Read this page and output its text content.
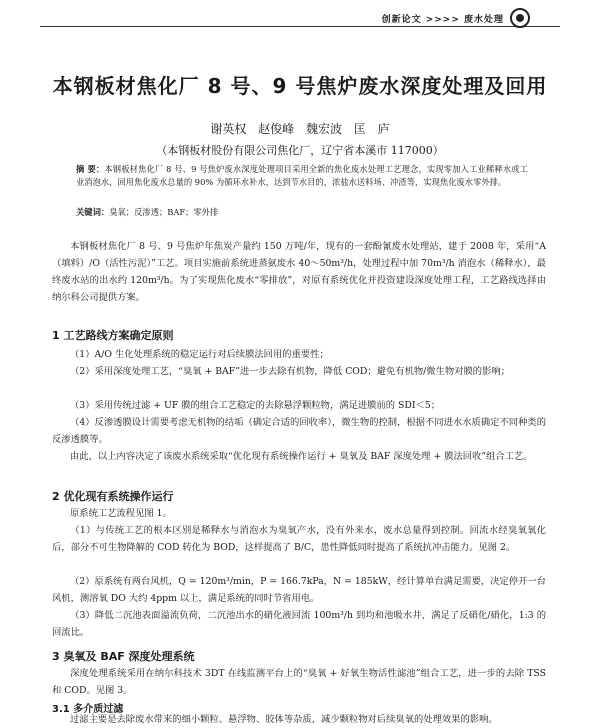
创新论文 >>>> 废水处理
本钢板材焦化厂 8 号、9 号焦炉废水深度处理及回用
谢英权 赵俊峰 魏宏波 匡 庐
（本钢板材股份有限公司焦化厂，辽宁省本溪市 117000）
摘 要：本钢板材焦化厂 8 号、9 号焦炉废水深度处理项目采用全新的焦化废水处理工艺理念，实现零加入工业稀释水或工业消泡水，回用焦化废水总量的 90% 为循环水补水，达到节水目的，浓盐水送料场、冲渣等，实现焦化废水零外排。
关键词：臭氧；反渗透；BAF；零外排
本钢板材焦化厂 8 号、9 号焦炉年焦炭产量约 150 万吨/年，现有的一套酚氰废水处理站，建于 2008 年，采用“A（填料）/O（活性污泥）”工艺。项目实施前系统进蒸氨废水 40～50m³/h，处理过程中加 70m³/h 消泡水（稀释水），最终废水站的出水约 120m³/h。为了实现焦化废水“零排放”，对原有系统优化并投资建设深度处理工程，工艺路线选择由纳尔科公司提供方案。
1 工艺路线方案确定原则
（1）A/O 生化处理系统的稳定运行对后续膜法回用的重要性；
（2）采用深度处理工艺，“臭氧 + BAF”进一步去除有机物，降低 COD；避免有机物/微生物对膜的影响；
（3）采用传统过滤 + UF 膜的组合工艺稳定的去除悬浮颗粒物，满足进膜前的 SDI＜5；
（4）反渗透膜设计需要考虑无机物的结垢（确定合适的回收率），微生物的控制，根据不同进水水质确定不同种类的反渗透膜等。
由此，以上内容决定了该废水系统采取“优化现有系统操作运行 + 臭氧及 BAF 深度处理 + 膜法回收”组合工艺。
2 优化现有系统操作运行
原系统工艺流程见图 1。
（1）与传统工艺的根本区别是稀释水与消泡水为臭氧产水，没有外来水，废水总量得到控制。回流水经臭氧氧化后，部分不可生物降解的 COD 转化为 BOD，这样提高了 B/C，患性降低同时提高了系统抗冲击能力。见图 2。
（2）原系统有两台风机，Q = 120m³/min，P = 166.7kPa，N = 185kW，经计算单台满足需要，决定停开一台风机，测溶氧 DO 大约 4ppm 以上，满足系统的同时节省用电。
（3）降低二沉池表面溢流负荷，二沉池出水的硝化液回流 100m³/h 到均和池吸水井，满足了反硝化/硝化，1:3 的回流比。
3 臭氧及 BAF 深度处理系统
深度处理系统采用在纳尔科技术 3DT 在线监测平台上的“臭氧 + 好氧生物活性滤池”组合工艺，进一步的去除 TSS 和 COD。见图 3。
3.1 多介质过滤
过滤主要是去除废水带来的细小颗粒、悬浮物、胶体等杂质，减少颗粒物对后续臭氧的处理效果的影响。
